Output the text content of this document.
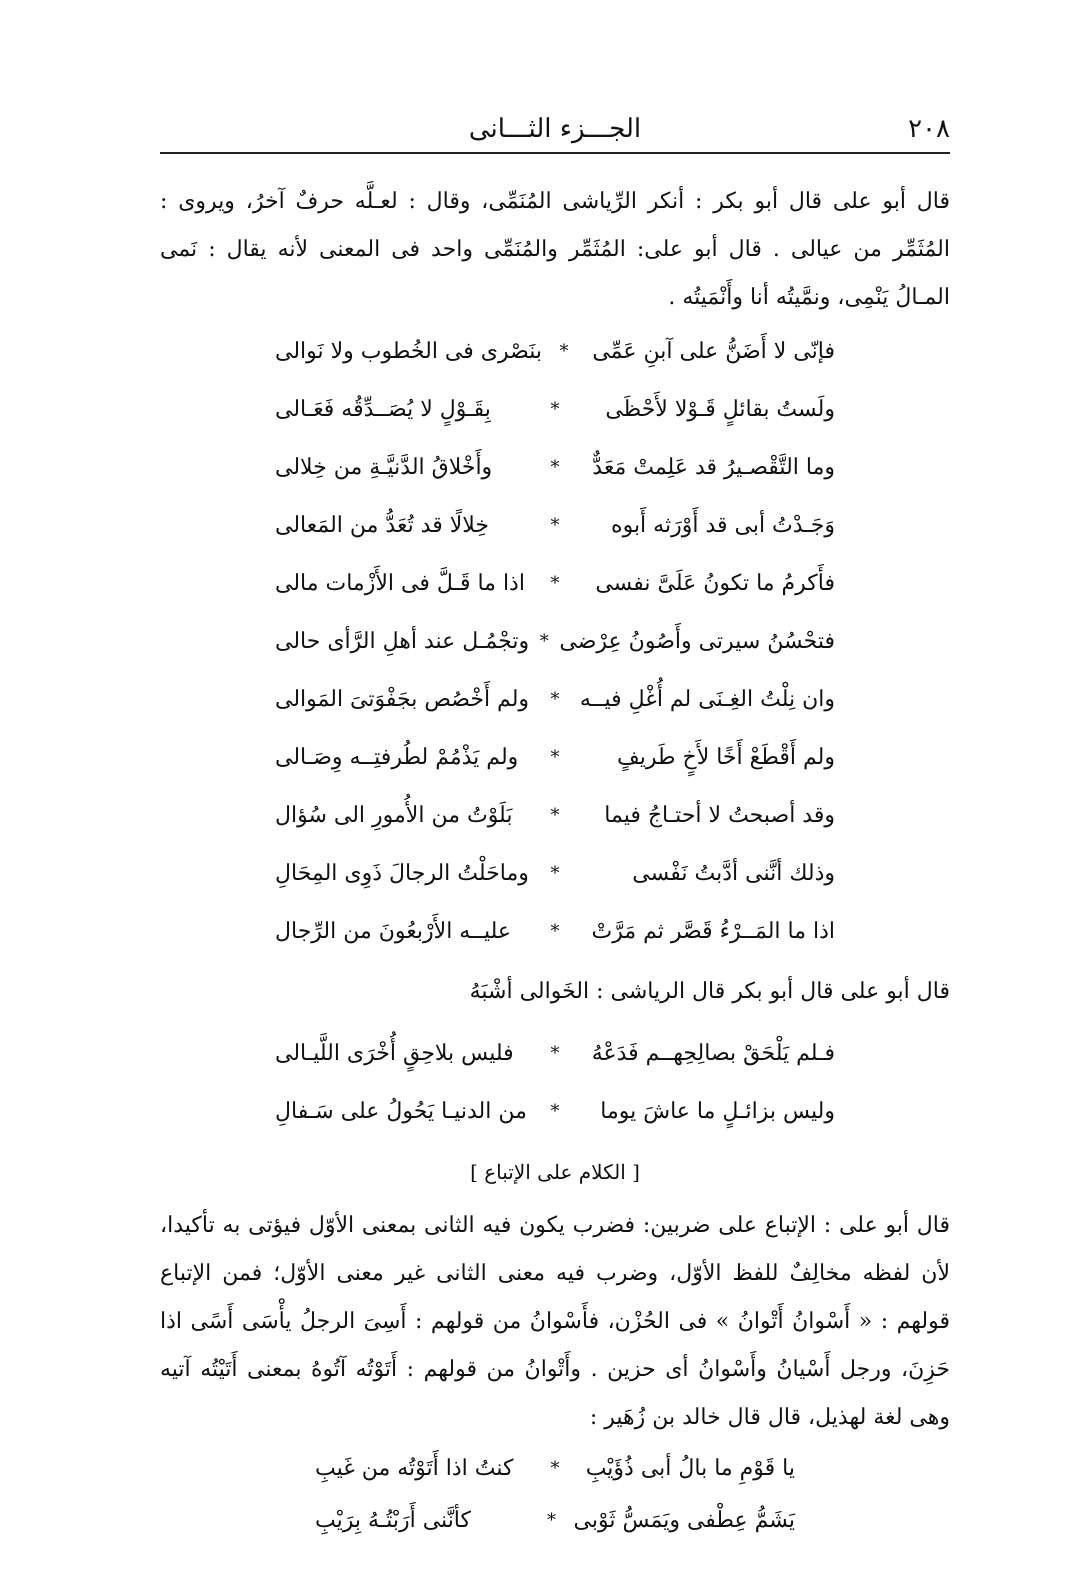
٢٠٨
الجـــزء الثـــانى

قال أبو على قال أبو بكر : أنكر الرِّياشى المُنَمِّى، وقال : لعـلَّه حرفٌ آخرُ، ويروى : المُثَمِّر من عيالى . قال أبو على: المُثَمِّر والمُنَمِّى واحد فى المعنى لأنه يقال : نَمى المـالُ يَنْمِى، ونمَّيتُه أنا وأَنْمَيتُه .

فإنّى لا أَضَنُّ على آبنِ عَمِّى
*
بنَصْرى فى الخُطوب ولا نَوالى
ولَستُ بقائلٍ قَـوْلا لأَحْظَى
*
بِقَـوْلٍ لا يُصَــدِّقُه فَعَـالى
وما التَّقْصـيرُ قد عَلِمتْ مَعَدٌّ
*
وأَخْلاقُ الدَّنيَّـةِ من خِلالى
وَجَـدْتُ أبى قد أَوْرَثه أَبوه
*
خِلالًا قد تُعَدُّ من المَعالى
فأَكرمُ ما تكونُ عَلَىَّ نفسى
*
اذا ما قَـلَّ فى الأَزْمات مالى
فتحْسُنُ سيرتى وأَصُونُ عِرْضى
*
وتجْمُـل عند أهلِ الرَّأى حالى
وان نِلْتُ الغِـنَى لم أُغْلِ فيــه
*
ولم أَخْصُص بجَفْوَتىَ المَوالى
ولم أَقْطَعْ أَخًا لأَخٍ طَريفٍ
*
ولم يَذْمُمْ لطُرفتِــه وِصَـالى
وقد أصبحتُ لا أحتـاجُ فيما
*
بَلَوْتُ من الأُمورِ الى سُؤال
وذلك أنَّنى أدَّبتُ نَفْسى
*
وماحَلْتُ الرجالَ ذَوِى المِحَالِ
اذا ما المَــرْءُ قَصَّر ثم مَرَّتْ
*
عليــه الأَرْبعُونَ من الرِّجال

قال أبو على قال أبو بكر قال الرياشى : الخَوالى أشْبَهُ

فـلم يَلْحَقْ بصالِحِهــم فَدَعْهُ
*
فليس بلاحِقٍ أُخْرَى اللَّيـالى
وليس بزائـلٍ ما عاشَ يوما
*
من الدنيـا يَحُولُ على سَـفالِ
[ الكلام على الإتباع ]

قال أبو على : الإتباع على ضربين: فضرب يكون فيه الثانى بمعنى الأوّل فيؤتى به تأكيدا، لأن لفظه مخالِفٌ للفظ الأوّل، وضرب فيه معنى الثانى غير معنى الأوّل؛ فمن الإتباع قولهم : « أَسْوانُ أَتْوانُ » فى الحُزْن، فأَسْوانُ من قولهم : أَسِىَ الرجلُ يأْسَى أَسًى اذا حَزِنَ، ورجل أَسْيانُ وأَسْوانُ أى حزين . وأَتْوانُ من قولهم : أَتَوْتُه آتُوهُ بمعنى أَتَيْتُه آتيه وهى لغة لهذيل، قال قال خالد بن زُهَير :

يا قَوْمِ ما بالُ أبى ذُؤَيْبِ
*
كنتُ اذا أَتَوْتُه من غَيبِ
يَشَمُّ عِطْفى ويَمَسُّ ثَوْبى
*
كأنَّنى أَرَبْتُـهُ بِرَيْبِ
